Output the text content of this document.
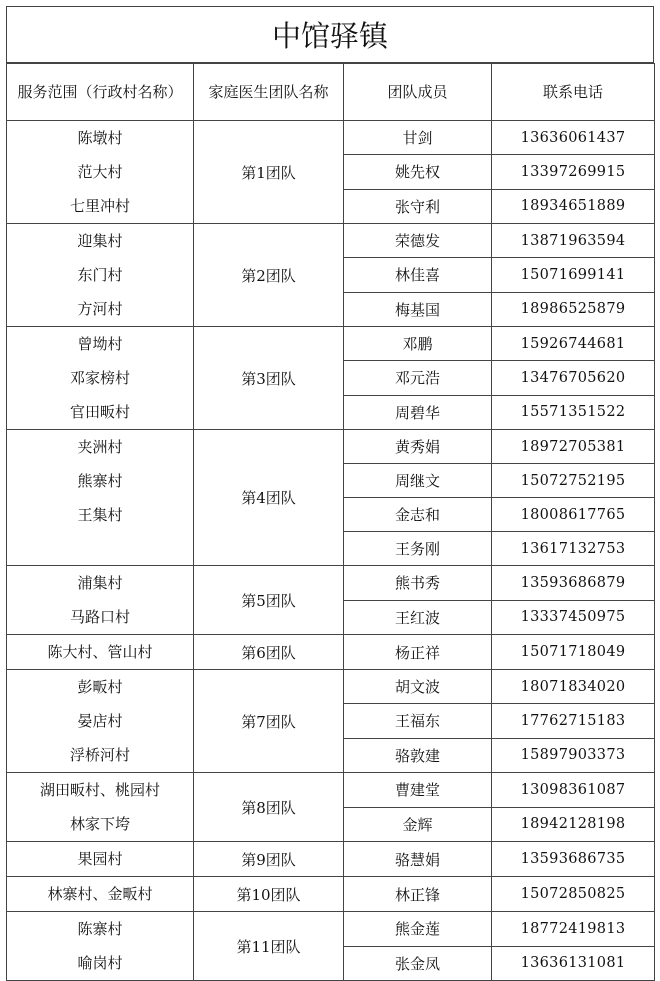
中馆驿镇
服务范围（行政村名称）	家庭医生团队名称	团队成员	联系电话

陈墩村
范大村
七里冲村	第1团队	甘剑	13636061437
		姚先权	13397269915
		张守利	18934651889

迎集村
东门村
方河村	第2团队	荣德发	13871963594
		林佳喜	15071699141
		梅基国	18986525879

曾坳村
邓家榜村
官田畈村	第3团队	邓鹏	15926744681
		邓元浩	13476705620
		周碧华	15571351522

夹洲村
熊寨村
王集村	第4团队	黄秀娟	18972705381
		周继文	15072752195
		金志和	18008617765
		王务刚	13617132753

浦集村
马路口村	第5团队	熊书秀	13593686879
		王红波	13337450975

陈大村、管山村	第6团队	杨正祥	15071718049

彭畈村
晏店村
浮桥河村	第7团队	胡文波	18071834020
		王福东	17762715183
		骆敦建	15897903373

湖田畈村、桃园村
林家下垮	第8团队	曹建堂	13098361087
		金辉	18942128198

果园村	第9团队	骆慧娟	13593686735

林寨村、金畈村	第10团队	林正锋	15072850825

陈寨村
喻岗村	第11团队	熊金莲	18772419813
		张金凤	13636131081
